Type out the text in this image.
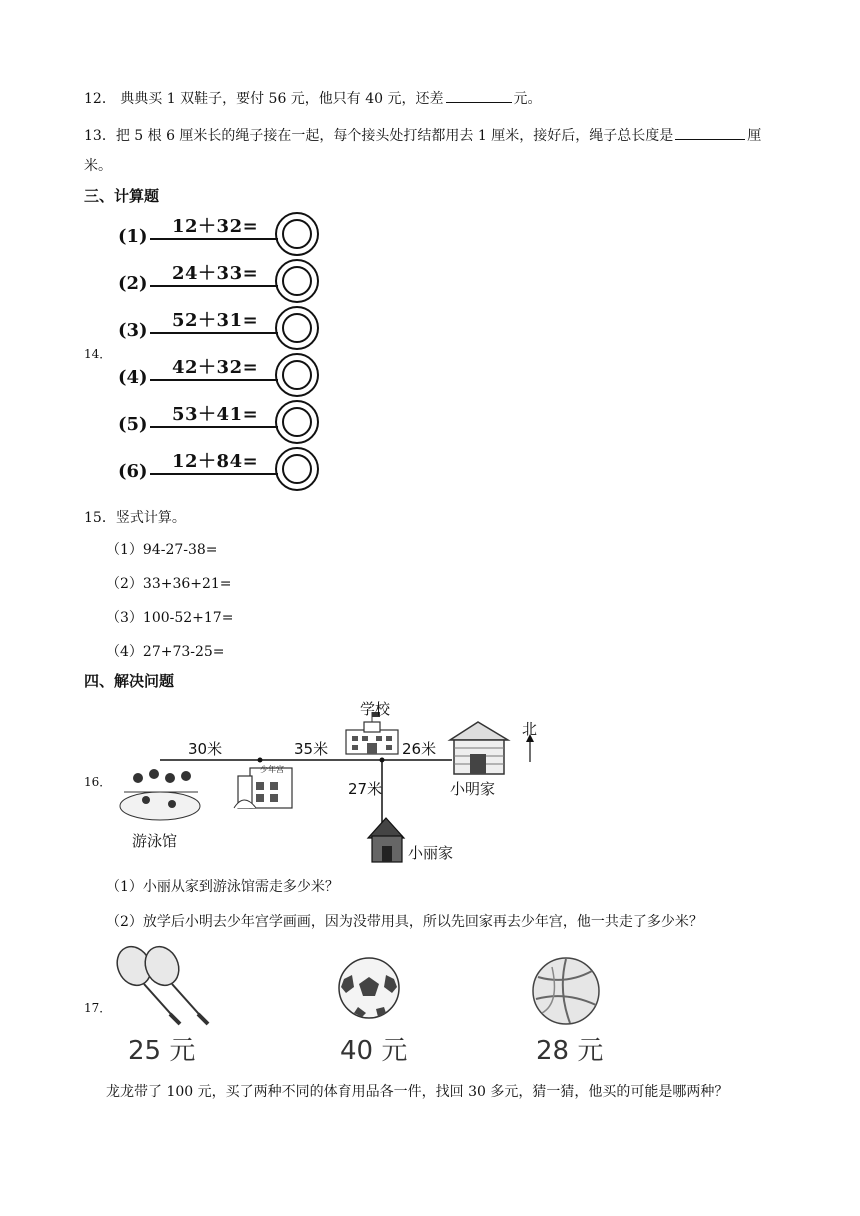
12． 典典买 1 双鞋子，要付 56 元，他只有 40 元，还差	元。
13．把 5 根 6 厘米长的绳子接在一起，每个接头处打结都用去 1 厘米，接好后，绳子总长度是	厘
米。
三、计算题
14．
(1) 12＋32=
(2) 24＋33=
(3) 52＋31=
(4) 42＋32=
(5) 53＋41=
(6) 12＋84=
15．竖式计算。
（1）94-27-38=
（2）33+36+21=
（3）100-52+17=
（4）27+73-25=
四、解决问题
16．
30米	35米	26米
27米
学校
小明家
小丽家
游泳馆
少年宫
北
（1）小丽从家到游泳馆需走多少米？
（2）放学后小明去少年宫学画画，因为没带用具，所以先回家再去少年宫，他一共走了多少米？
17．
25 元	40 元	28 元
龙龙带了 100 元，买了两种不同的体育用品各一件，找回 30 多元，猜一猜，他买的可能是哪两种？
